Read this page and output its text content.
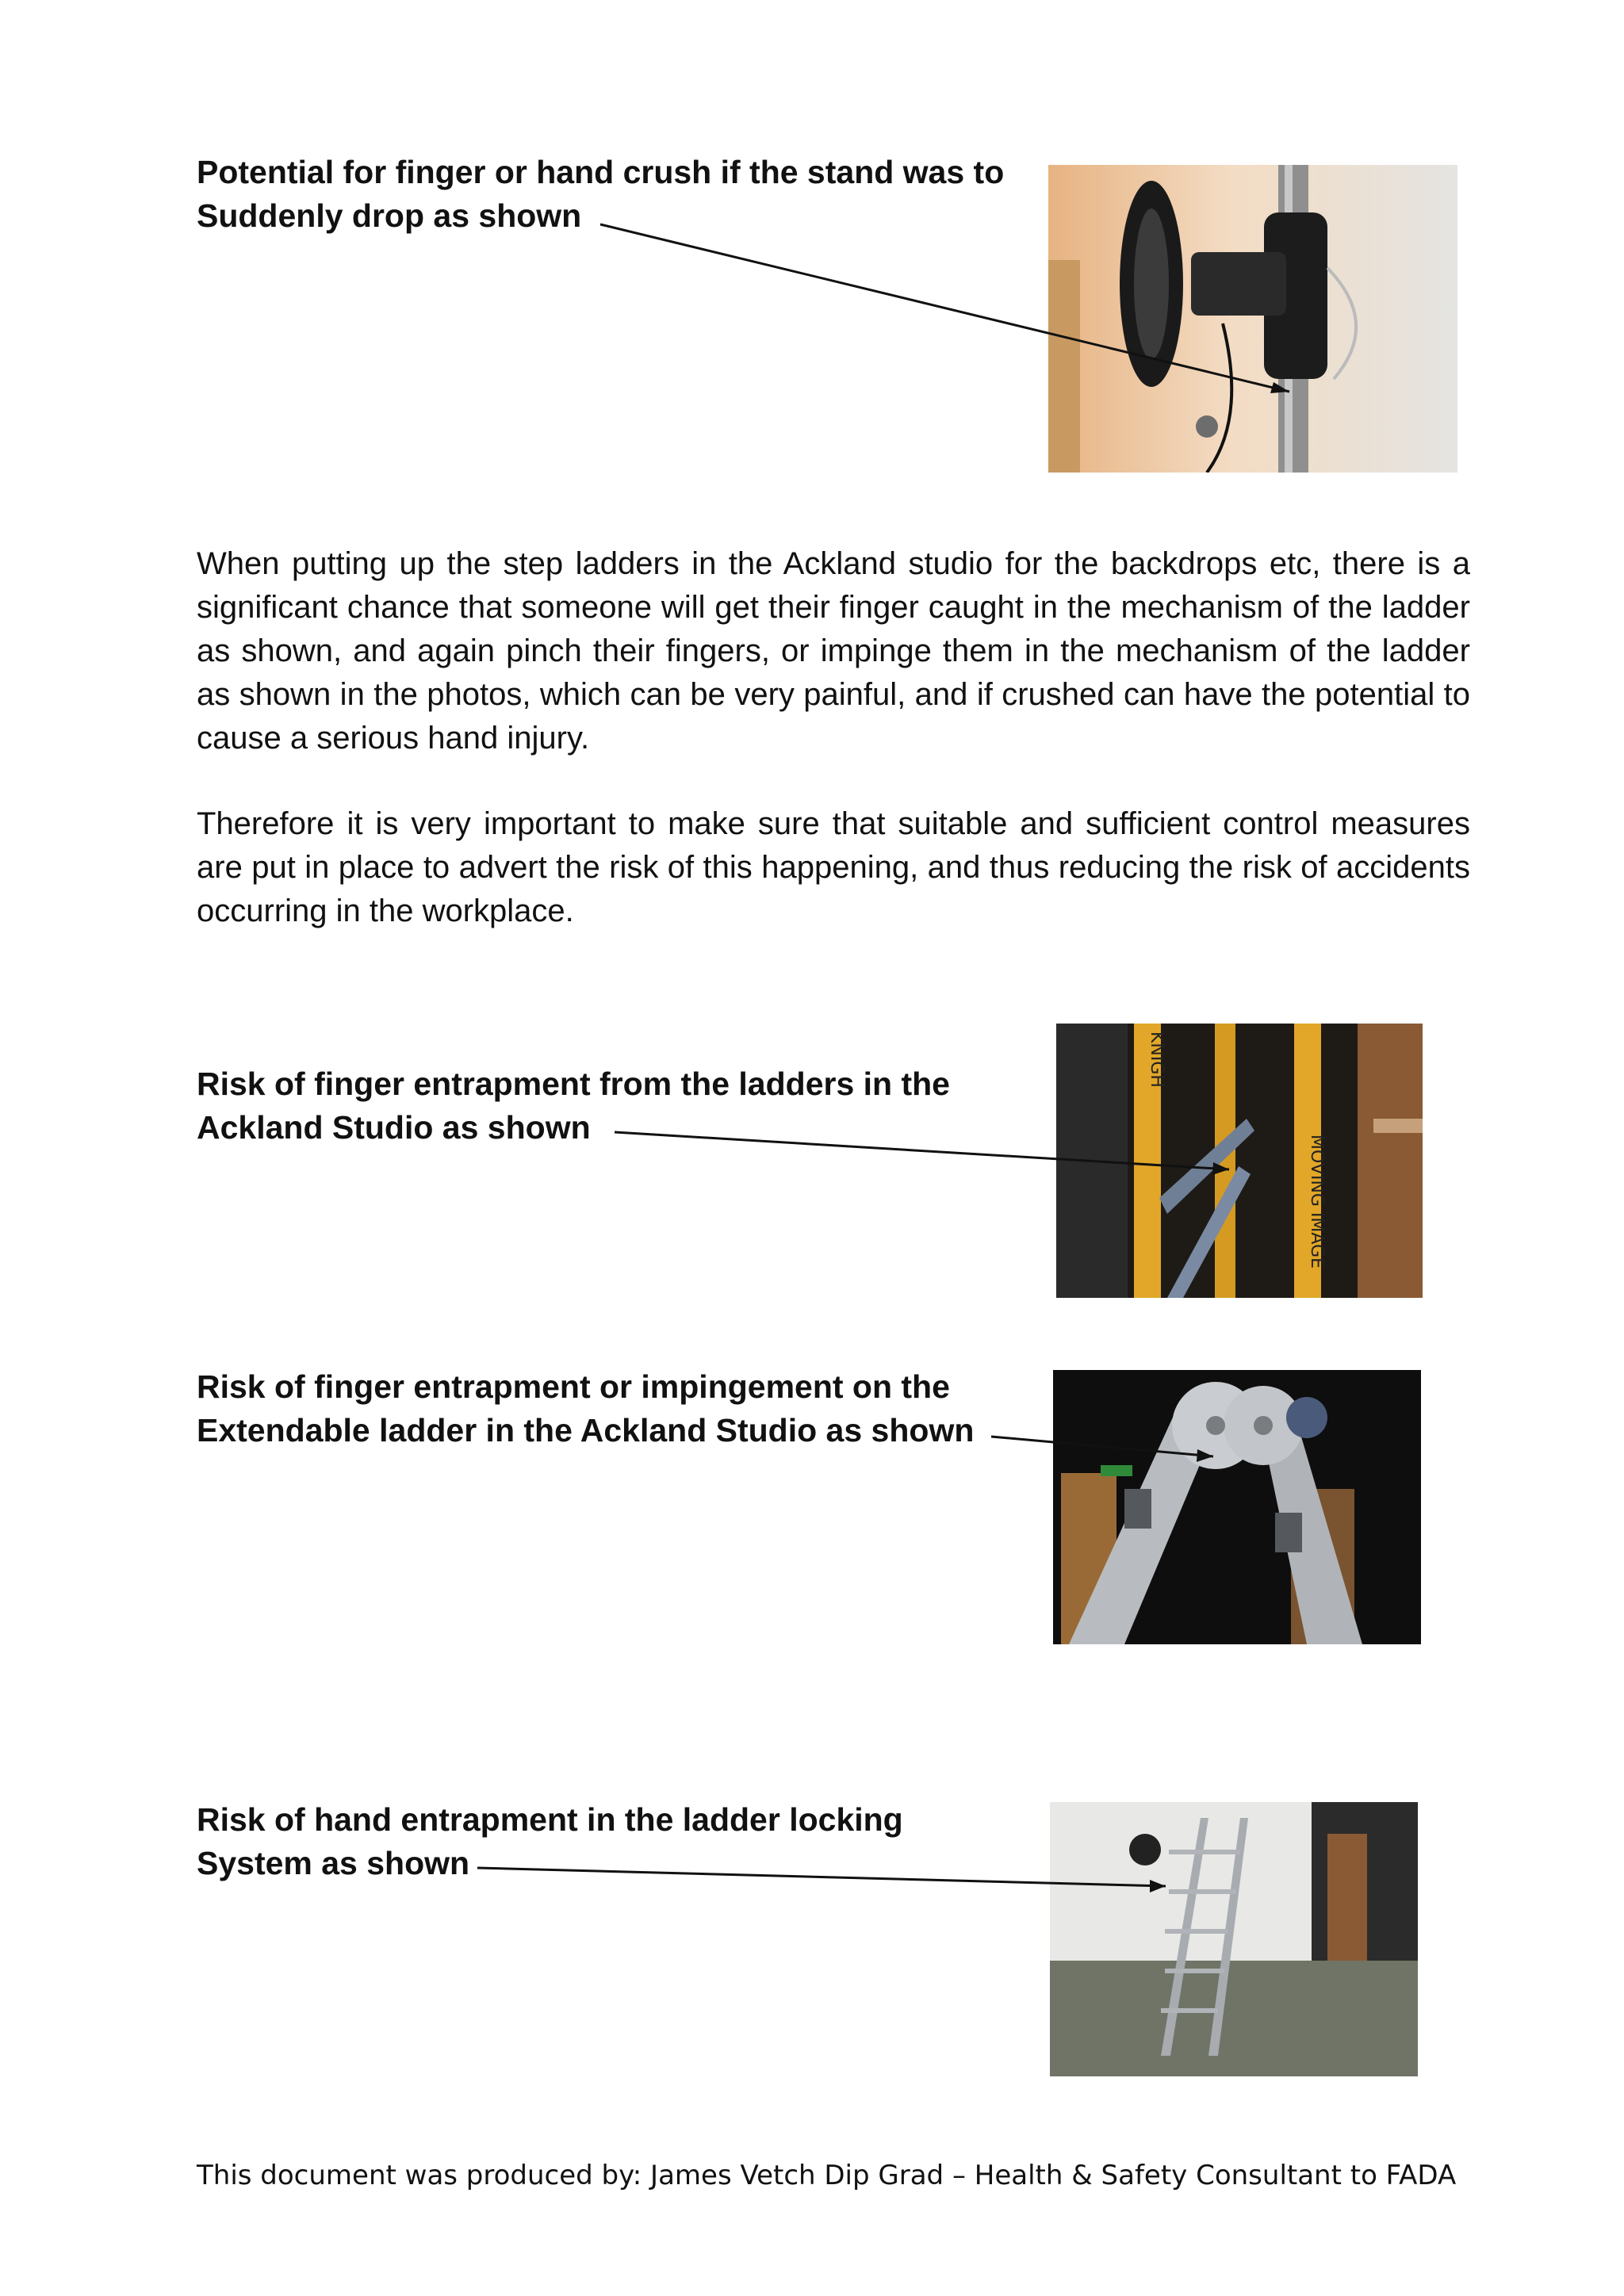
Potential for finger or hand crush if the stand was to
Suddenly drop as shown
When putting up the step ladders in the Ackland studio for the backdrops etc, there is a significant chance that someone will get their finger caught in the mechanism of the ladder as shown, and again pinch their fingers, or impinge them in the mechanism of the ladder as shown in the photos, which can be very painful, and if crushed can have the potential to cause a serious hand injury.
Therefore it is very important to make sure that suitable and sufficient control measures are put in place to advert the risk of this happening, and thus reducing the risk of accidents occurring in the workplace.
Risk of finger entrapment from the ladders in the
Ackland Studio as shown
KNIGH
MOVING IMAGE
Risk of finger entrapment or impingement on the
Extendable ladder in the Ackland Studio as shown
Risk of hand entrapment in the ladder locking
System as shown
This document was produced by: James Vetch Dip Grad – Health & Safety Consultant to FADA
